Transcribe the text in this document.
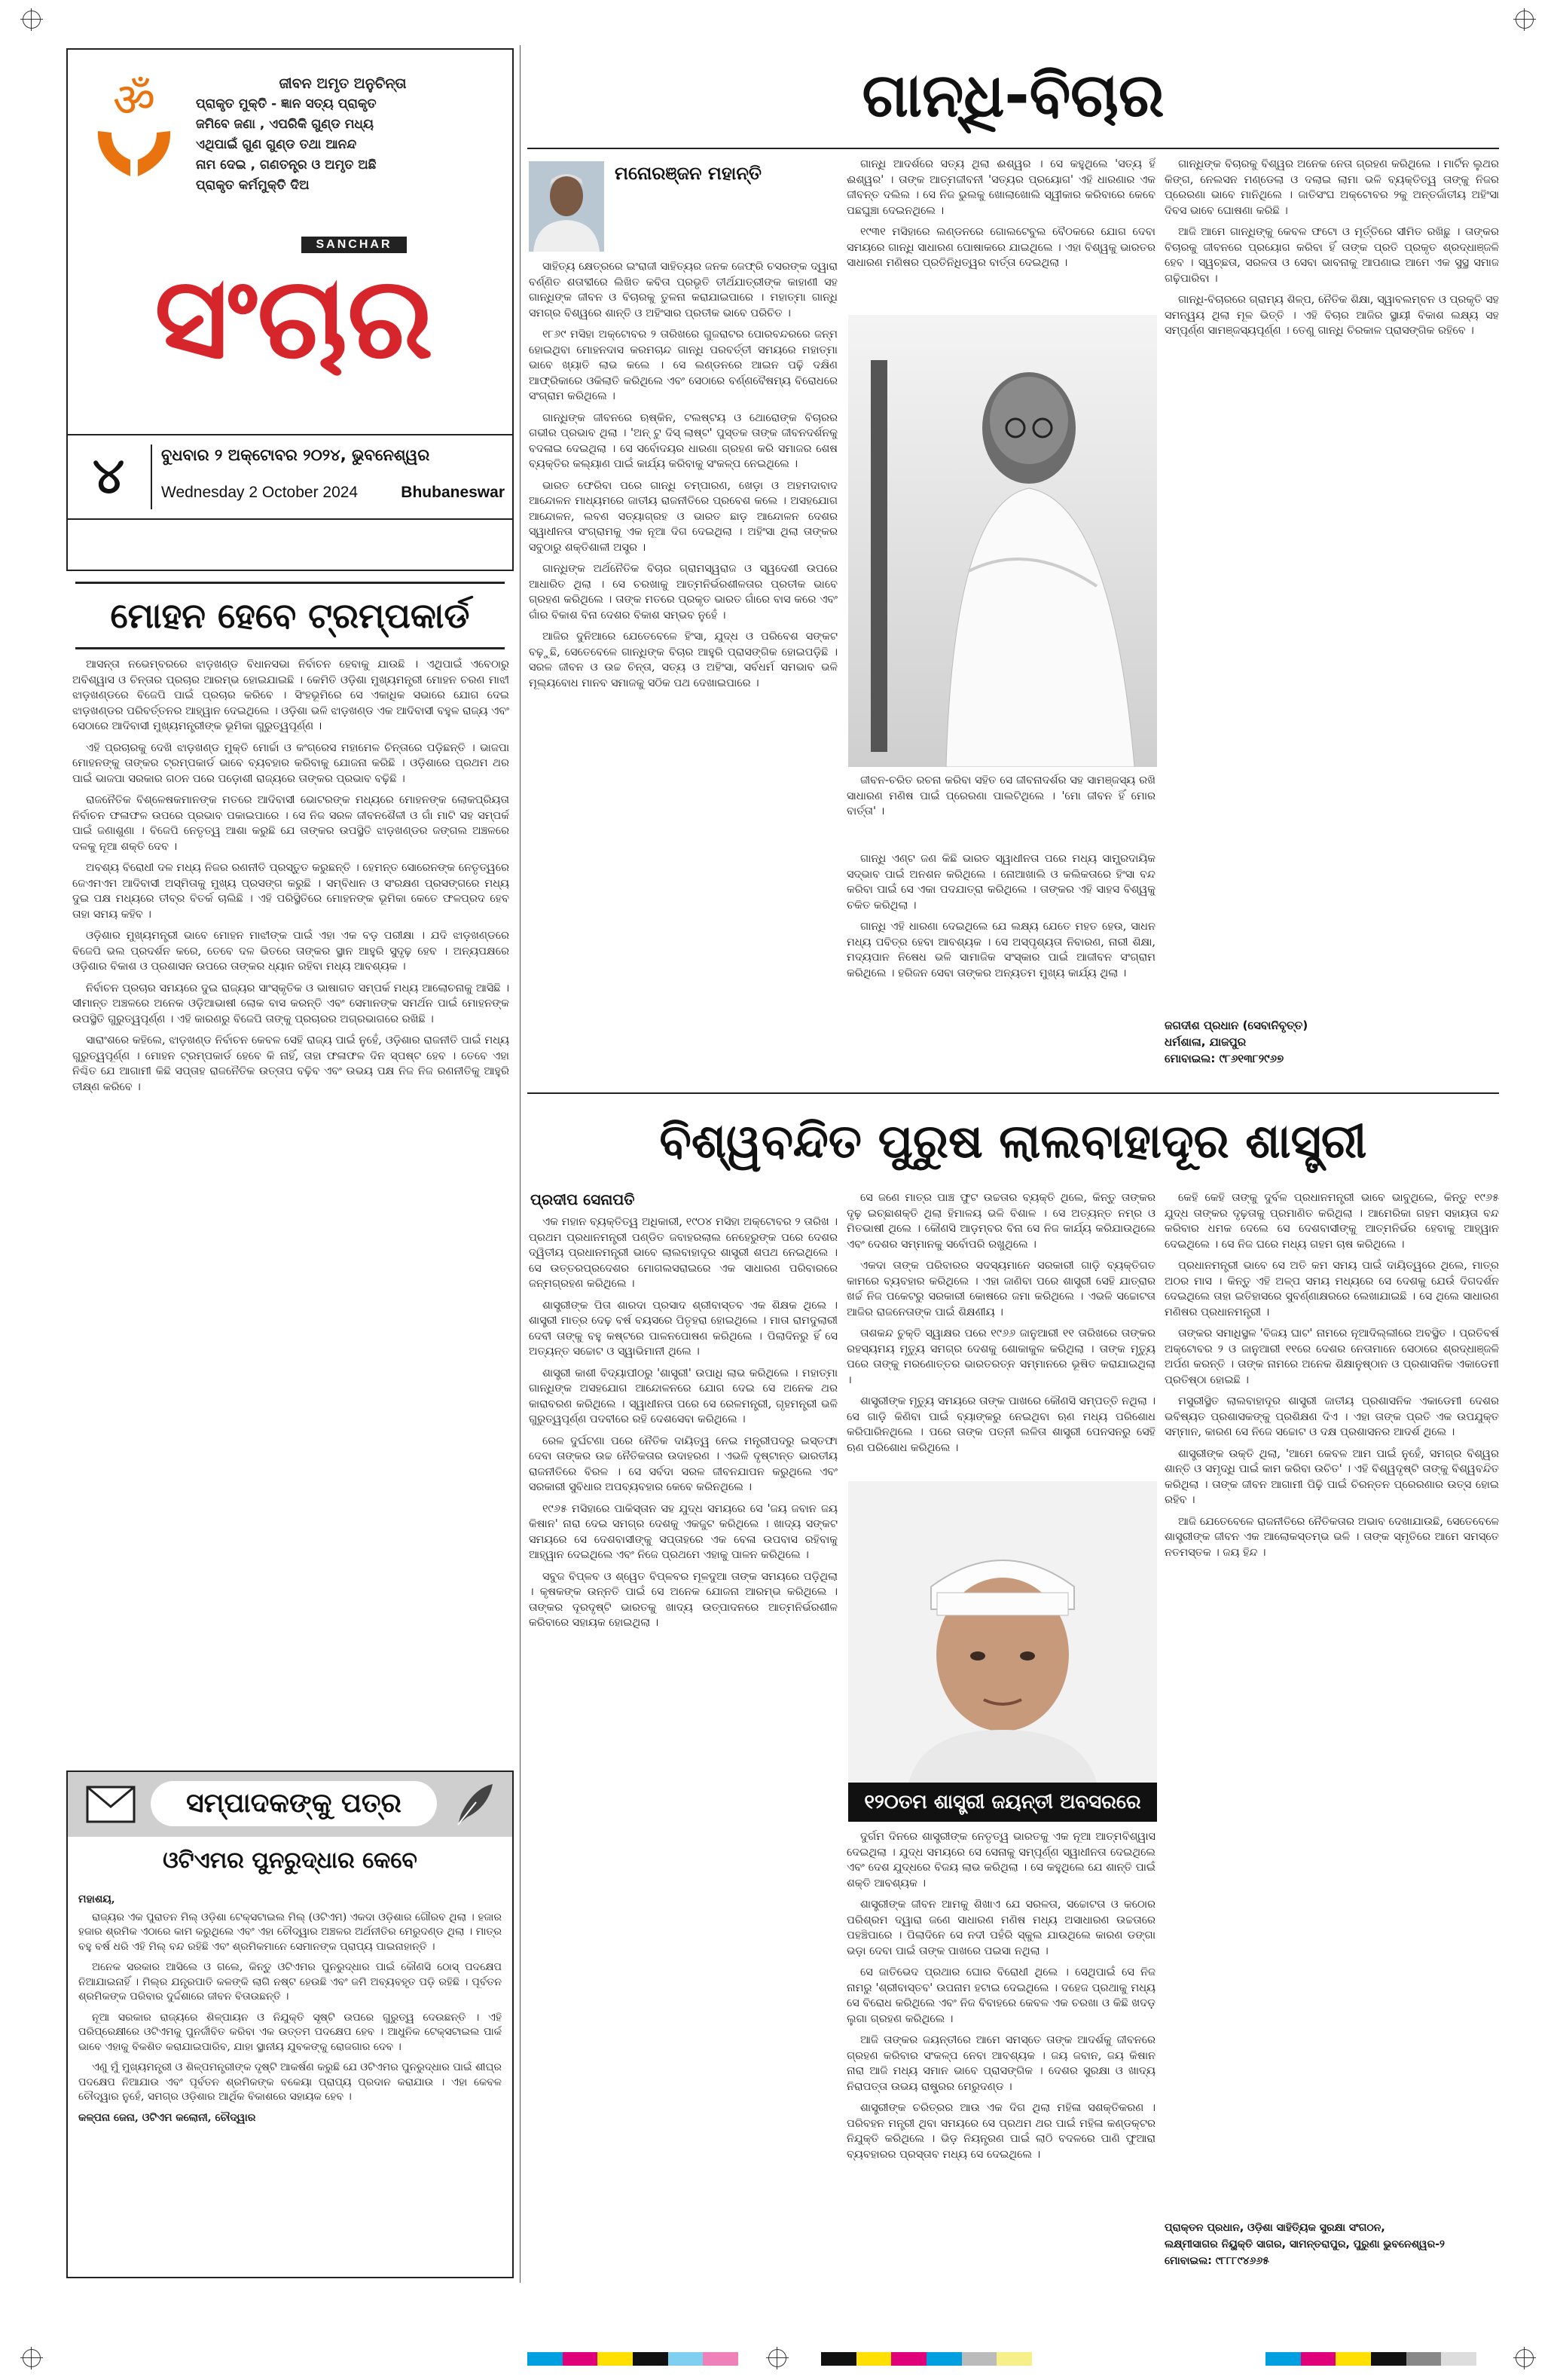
ॐ	ଜୀବନ ଅମୃତ ଅନୁଚିନ୍ତା
ପ୍ରାକୃତ ମୁକ୍ତି - ଜ୍ଞାନ ସତ୍ୟ ପ୍ରାକୃତ
ଜମିବେ ଜଣା , ଏପରିକି ଗୁଣ୍ଡ ମଧ୍ୟ
ଏଥିପାଇଁ ଗୁଣ ଗୁଣ୍ଡ ତଥା ଆନନ୍ଦ
ନାମ ଦେଇ , ଗଣତନ୍ତ୍ର ଓ ଅମୃତ ଅଛି
ପ୍ରାକୃତ କର୍ମମୁକ୍ତି ଦିଅ
SANCHAR
ସଂଚାର
୪	ବୁଧବାର ୨ ଅକ୍ଟୋବର ୨୦୨୪, ଭୁବନେଶ୍ୱର
Wednesday 2 October 2024	Bhubaneswar
ମୋହନ ହେବେ ଟ୍ରମ୍ପକାର୍ଡ

ଆସନ୍ତା ନଭେମ୍ବରରେ ଝାଡ଼ଖଣ୍ଡ ବିଧାନସଭା ନିର୍ବାଚନ ହେବାକୁ ଯାଉଛି । ଏଥିପାଇଁ ଏବେଠାରୁ ଅବିଶ୍ୱାସ ଓ ଚିନ୍ତାର ପ୍ରଚାର ଆରମ୍ଭ ହୋଇଯାଇଛି । କେମିତି ଓଡ଼ିଶା ମୁଖ୍ୟମନ୍ତ୍ରୀ ମୋହନ ଚରଣ ମାଝୀ ଝାଡ଼ଖଣ୍ଡରେ ବିଜେପି ପାଇଁ ପ୍ରଚାର କରିବେ । ସିଂହଭୂମିରେ ସେ ଏକାଧିକ ସଭାରେ ଯୋଗ ଦେଇ ଝାଡ଼ଖଣ୍ଡର ପରିବର୍ତ୍ତନର ଆହ୍ୱାନ ଦେଇଥିଲେ । ଓଡ଼ିଶା ଭଳି ଝାଡ଼ଖଣ୍ଡ ଏକ ଆଦିବାସୀ ବହୁଳ ରାଜ୍ୟ ଏବଂ ସେଠାରେ ଆଦିବାସୀ ମୁଖ୍ୟମନ୍ତ୍ରୀଙ୍କ ଭୂମିକା ଗୁରୁତ୍ୱପୂର୍ଣ୍ଣ ।

ଏହି ପ୍ରଚାରକୁ ଦେଖି ଝାଡ଼ଖଣ୍ଡ ମୁକ୍ତି ମୋର୍ଚ୍ଚା ଓ କଂଗ୍ରେସ ମହାମେଳ ଚିନ୍ତାରେ ପଡ଼ିଛନ୍ତି । ଭାଜପା ମୋହନଙ୍କୁ ତାଙ୍କର ଟ୍ରମ୍ପକାର୍ଡ ଭାବେ ବ୍ୟବହାର କରିବାକୁ ଯୋଜନା କରିଛି । ଓଡ଼ିଶାରେ ପ୍ରଥମ ଥର ପାଇଁ ଭାଜପା ସରକାର ଗଠନ ପରେ ପଡ଼ୋଶୀ ରାଜ୍ୟରେ ତାଙ୍କର ପ୍ରଭାବ ବଢ଼ିଛି ।

ରାଜନୈତିକ ବିଶ୍ଳେଷକମାନଙ୍କ ମତରେ ଆଦିବାସୀ ଭୋଟରଙ୍କ ମଧ୍ୟରେ ମୋହନଙ୍କ ଲୋକପ୍ରିୟତା ନିର୍ବାଚନ ଫଳାଫଳ ଉପରେ ପ୍ରଭାବ ପକାଇପାରେ । ସେ ନିଜ ସରଳ ଜୀବନଶୈଳୀ ଓ ଗାଁ ମାଟି ସହ ସମ୍ପର୍କ ପାଇଁ ଜଣାଶୁଣା । ବିଜେପି ନେତୃତ୍ୱ ଆଶା କରୁଛି ଯେ ତାଙ୍କର ଉପସ୍ଥିତି ଝାଡ଼ଖଣ୍ଡର ଜଙ୍ଗଲ ଅଞ୍ଚଳରେ ଦଳକୁ ନୂଆ ଶକ୍ତି ଦେବ ।

ଅବଶ୍ୟ ବିରୋଧୀ ଦଳ ମଧ୍ୟ ନିଜର ରଣନୀତି ପ୍ରସ୍ତୁତ କରୁଛନ୍ତି । ହେମନ୍ତ ସୋରେନଙ୍କ ନେତୃତ୍ୱରେ ଜେଏମଏମ ଆଦିବାସୀ ଅସ୍ମିତାକୁ ମୁଖ୍ୟ ପ୍ରସଙ୍ଗ କରୁଛି । ସମ୍ବିଧାନ ଓ ସଂରକ୍ଷଣ ପ୍ରସଙ୍ଗରେ ମଧ୍ୟ ଦୁଇ ପକ୍ଷ ମଧ୍ୟରେ ତୀବ୍ର ବିତର୍କ ଚାଲିଛି । ଏହି ପରିସ୍ଥିତିରେ ମୋହନଙ୍କ ଭୂମିକା କେତେ ଫଳପ୍ରଦ ହେବ ତାହା ସମୟ କହିବ ।

ଓଡ଼ିଶାର ମୁଖ୍ୟମନ୍ତ୍ରୀ ଭାବେ ମୋହନ ମାଝୀଙ୍କ ପାଇଁ ଏହା ଏକ ବଡ଼ ପରୀକ୍ଷା । ଯଦି ଝାଡ଼ଖଣ୍ଡରେ ବିଜେପି ଭଲ ପ୍ରଦର୍ଶନ କରେ, ତେବେ ଦଳ ଭିତରେ ତାଙ୍କର ସ୍ଥାନ ଆହୁରି ସୁଦୃଢ଼ ହେବ । ଅନ୍ୟପକ୍ଷରେ ଓଡ଼ିଶାର ବିକାଶ ଓ ପ୍ରଶାସନ ଉପରେ ତାଙ୍କର ଧ୍ୟାନ ରହିବା ମଧ୍ୟ ଆବଶ୍ୟକ ।

ନିର୍ବାଚନ ପ୍ରଚାର ସମୟରେ ଦୁଇ ରାଜ୍ୟର ସାଂସ୍କୃତିକ ଓ ଭାଷାଗତ ସମ୍ପର୍କ ମଧ୍ୟ ଆଲୋଚନାକୁ ଆସିଛି । ସୀମାନ୍ତ ଅଞ୍ଚଳରେ ଅନେକ ଓଡ଼ିଆଭାଷୀ ଲୋକ ବାସ କରନ୍ତି ଏବଂ ସେମାନଙ୍କ ସମର୍ଥନ ପାଇଁ ମୋହନଙ୍କ ଉପସ୍ଥିତି ଗୁରୁତ୍ୱପୂର୍ଣ୍ଣ । ଏହି କାରଣରୁ ବିଜେପି ତାଙ୍କୁ ପ୍ରଚାରର ଅଗ୍ରଭାଗରେ ରଖିଛି ।

ସାରାଂଶରେ କହିଲେ, ଝାଡ଼ଖଣ୍ଡ ନିର୍ବାଚନ କେବଳ ସେହି ରାଜ୍ୟ ପାଇଁ ନୁହେଁ, ଓଡ଼ିଶାର ରାଜନୀତି ପାଇଁ ମଧ୍ୟ ଗୁରୁତ୍ୱପୂର୍ଣ୍ଣ । ମୋହନ ଟ୍ରମ୍ପକାର୍ଡ ହେବେ କି ନାହିଁ, ତାହା ଫଳାଫଳ ଦିନ ସ୍ପଷ୍ଟ ହେବ । ତେବେ ଏହା ନିଶ୍ଚିତ ଯେ ଆଗାମୀ କିଛି ସପ୍ତାହ ରାଜନୈତିକ ଉତ୍ତାପ ବଢ଼ିବ ଏବଂ ଉଭୟ ପକ୍ଷ ନିଜ ନିଜ ରଣନୀତିକୁ ଆହୁରି ତୀକ୍ଷ୍ଣ କରିବେ ।

ସମ୍ପାଦକଙ୍କୁ ପତ୍ର
ଓଟିଏମର ପୁନରୁଦ୍ଧାର କେବେ
ମହାଶୟ,

ରାଜ୍ୟର ଏକ ପୁରାତନ ମିଲ୍ ଓଡ଼ିଶା ଟେକ୍ସଟାଇଲ ମିଲ୍ (ଓଟିଏମ) ଏକଦା ଓଡ଼ିଶାର ଗୌରବ ଥିଲା । ହଜାର ହଜାର ଶ୍ରମିକ ଏଠାରେ କାମ କରୁଥିଲେ ଏବଂ ଏହା ଚୌଦ୍ୱାର ଅଞ୍ଚଳର ଅର୍ଥନୀତିର ମେରୁଦଣ୍ଡ ଥିଲା । ମାତ୍ର ବହୁ ବର୍ଷ ଧରି ଏହି ମିଲ୍ ବନ୍ଦ ରହିଛି ଏବଂ ଶ୍ରମିକମାନେ ସେମାନଙ୍କ ପ୍ରାପ୍ୟ ପାଇନାହାନ୍ତି ।

ଅନେକ ସରକାର ଆସିଲେ ଓ ଗଲେ, କିନ୍ତୁ ଓଟିଏମର ପୁନରୁଦ୍ଧାର ପାଇଁ କୌଣସି ଠୋସ୍ ପଦକ୍ଷେପ ନିଆଯାଇନାହିଁ । ମିଲ୍ର ଯନ୍ତ୍ରପାତି କଳଙ୍କି ଲାଗି ନଷ୍ଟ ହେଉଛି ଏବଂ ଜମି ଅବ୍ୟବହୃତ ପଡ଼ି ରହିଛି । ପୂର୍ବତନ ଶ୍ରମିକଙ୍କ ପରିବାର ଦୁର୍ଦ୍ଦଶାରେ ଜୀବନ ବିତାଉଛନ୍ତି ।

ନୂଆ ସରକାର ରାଜ୍ୟରେ ଶିଳ୍ପାୟନ ଓ ନିଯୁକ୍ତି ସୃଷ୍ଟି ଉପରେ ଗୁରୁତ୍ୱ ଦେଉଛନ୍ତି । ଏହି ପରିପ୍ରେକ୍ଷୀରେ ଓଟିଏମକୁ ପୁନର୍ଜୀବିତ କରିବା ଏକ ଉତ୍ତମ ପଦକ୍ଷେପ ହେବ । ଆଧୁନିକ ଟେକ୍ସଟାଇଲ ପାର୍କ ଭାବେ ଏହାକୁ ବିକଶିତ କରାଯାଇପାରିବ, ଯାହା ସ୍ଥାନୀୟ ଯୁବକଙ୍କୁ ରୋଜଗାର ଦେବ ।

ଏଣୁ ମୁଁ ମୁଖ୍ୟମନ୍ତ୍ରୀ ଓ ଶିଳ୍ପମନ୍ତ୍ରୀଙ୍କ ଦୃଷ୍ଟି ଆକର୍ଷଣ କରୁଛି ଯେ ଓଟିଏମର ପୁନରୁଦ୍ଧାର ପାଇଁ ଶୀଘ୍ର ପଦକ୍ଷେପ ନିଆଯାଉ ଏବଂ ପୂର୍ବତନ ଶ୍ରମିକଙ୍କ ବକେୟା ପ୍ରାପ୍ୟ ପ୍ରଦାନ କରାଯାଉ । ଏହା କେବଳ ଚୌଦ୍ୱାର ନୁହେଁ, ସମଗ୍ର ଓଡ଼ିଶାର ଆର୍ଥିକ ବିକାଶରେ ସହାୟକ ହେବ ।

କଳ୍ପନା ଜେନା, ଓଟିଏମ କଲୋନୀ, ଚୌଦ୍ୱାର
ଗାନ୍ଧି-ବିଚାର
ମନୋରଞ୍ଜନ ମହାନ୍ତି

ସାହିତ୍ୟ କ୍ଷେତ୍ରରେ ଇଂରାଜୀ ସାହିତ୍ୟର ଜନକ ଜେଫ୍ରି ଚସରଙ୍କ ଦ୍ୱାରା ବର୍ଣ୍ଣିତ ଶତାବ୍ଦୀରେ ଲିଖିତ କବିତା ପ୍ରଭୃତି ତୀର୍ଥଯାତ୍ରୀଙ୍କ କାହାଣୀ ସହ ଗାନ୍ଧିଙ୍କ ଜୀବନ ଓ ବିଚାରକୁ ତୁଳନା କରାଯାଇପାରେ । ମହାତ୍ମା ଗାନ୍ଧି ସମଗ୍ର ବିଶ୍ୱରେ ଶାନ୍ତି ଓ ଅହିଂସାର ପ୍ରତୀକ ଭାବେ ପରିଚିତ ।

୧୮୬୯ ମସିହା ଅକ୍ଟୋବର ୨ ତାରିଖରେ ଗୁଜରାଟର ପୋରବନ୍ଦରରେ ଜନ୍ମ ହୋଇଥିବା ମୋହନଦାସ କରମଚାନ୍ଦ ଗାନ୍ଧି ପରବର୍ତ୍ତୀ ସମୟରେ ମହାତ୍ମା ଭାବେ ଖ୍ୟାତି ଲାଭ କଲେ । ସେ ଲଣ୍ଡନରେ ଆଇନ ପଢ଼ି ଦକ୍ଷିଣ ଆଫ୍ରିକାରେ ଓକିଲାତି କରିଥିଲେ ଏବଂ ସେଠାରେ ବର୍ଣ୍ଣବୈଷମ୍ୟ ବିରୋଧରେ ସଂଗ୍ରାମ କରିଥିଲେ ।

ଗାନ୍ଧିଙ୍କ ଜୀବନରେ ଋଷ୍କିନ, ଟଲଷ୍ଟୟ ଓ ଥୋରୋଙ୍କ ବିଚାରର ଗଭୀର ପ୍ରଭାବ ଥିଲା । 'ଅନ୍ ଟୁ ଦିସ୍ ଲାଷ୍ଟ' ପୁସ୍ତକ ତାଙ୍କ ଜୀବନଦର୍ଶନକୁ ବଦଳାଇ ଦେଇଥିଲା । ସେ ସର୍ବୋଦୟର ଧାରଣା ଗ୍ରହଣ କରି ସମାଜର ଶେଷ ବ୍ୟକ୍ତିର କଲ୍ୟାଣ ପାଇଁ କାର୍ଯ୍ୟ କରିବାକୁ ସଂକଳ୍ପ ନେଇଥିଲେ ।

ଭାରତ ଫେରିବା ପରେ ଗାନ୍ଧି ଚମ୍ପାରଣ, ଖେଡ଼ା ଓ ଅହମଦାବାଦ ଆନ୍ଦୋଳନ ମାଧ୍ୟମରେ ଜାତୀୟ ରାଜନୀତିରେ ପ୍ରବେଶ କଲେ । ଅସହଯୋଗ ଆନ୍ଦୋଳନ, ଲବଣ ସତ୍ୟାଗ୍ରହ ଓ ଭାରତ ଛାଡ଼ ଆନ୍ଦୋଳନ ଦେଶର ସ୍ୱାଧୀନତା ସଂଗ୍ରାମକୁ ଏକ ନୂଆ ଦିଗ ଦେଇଥିଲା । ଅହିଂସା ଥିଲା ତାଙ୍କର ସବୁଠାରୁ ଶକ୍ତିଶାଳୀ ଅସ୍ତ୍ର ।

ଗାନ୍ଧିଙ୍କ ଅର୍ଥନୈତିକ ବିଚାର ଗ୍ରାମସ୍ୱରାଜ ଓ ସ୍ୱଦେଶୀ ଉପରେ ଆଧାରିତ ଥିଲା । ସେ ଚରଖାକୁ ଆତ୍ମନିର୍ଭରଶୀଳତାର ପ୍ରତୀକ ଭାବେ ଗ୍ରହଣ କରିଥିଲେ । ତାଙ୍କ ମତରେ ପ୍ରକୃତ ଭାରତ ଗାଁରେ ବାସ କରେ ଏବଂ ଗାଁର ବିକାଶ ବିନା ଦେଶର ବିକାଶ ସମ୍ଭବ ନୁହେଁ ।

ଆଜିର ଦୁନିଆରେ ଯେତେବେଳେ ହିଂସା, ଯୁଦ୍ଧ ଓ ପରିବେଶ ସଙ୍କଟ ବଢ଼ୁଛି, ସେତେବେଳେ ଗାନ୍ଧିଙ୍କ ବିଚାର ଆହୁରି ପ୍ରାସଙ୍ଗିକ ହୋଇପଡ଼ିଛି । ସରଳ ଜୀବନ ଓ ଉଚ୍ଚ ଚିନ୍ତା, ସତ୍ୟ ଓ ଅହିଂସା, ସର୍ବଧର୍ମ ସମଭାବ ଭଳି ମୂଲ୍ୟବୋଧ ମାନବ ସମାଜକୁ ସଠିକ ପଥ ଦେଖାଇପାରେ ।

ଗାନ୍ଧି ଆଦର୍ଶରେ ସତ୍ୟ ଥିଲା ଈଶ୍ୱର । ସେ କହୁଥିଲେ 'ସତ୍ୟ ହିଁ ଈଶ୍ୱର' । ତାଙ୍କ ଆତ୍ମଜୀବନୀ 'ସତ୍ୟର ପ୍ରୟୋଗ' ଏହି ଧାରଣାର ଏକ ଜୀବନ୍ତ ଦଲିଲ । ସେ ନିଜ ଭୁଲକୁ ଖୋଲାଖୋଲି ସ୍ୱୀକାର କରିବାରେ କେବେ ପଛଘୁଞ୍ଚା ଦେଇନଥିଲେ ।

୧୯୩୧ ମସିହାରେ ଲଣ୍ଡନରେ ଗୋଲଟେବୁଲ ବୈଠକରେ ଯୋଗ ଦେବା ସମୟରେ ଗାନ୍ଧି ସାଧାରଣ ପୋଷାକରେ ଯାଇଥିଲେ । ଏହା ବିଶ୍ୱକୁ ଭାରତର ସାଧାରଣ ମଣିଷର ପ୍ରତିନିଧିତ୍ୱର ବାର୍ତ୍ତା ଦେଇଥିଲା ।

ଜୀବନ-ଚରିତ ରଚନା କରିବା ସହିତ ସେ ଜୀବନାଦର୍ଶର ସହ ସାମଞ୍ଜସ୍ୟ ରଖି ସାଧାରଣ ମଣିଷ ପାଇଁ ପ୍ରେରଣା ପାଲଟିଥିଲେ । 'ମୋ ଜୀବନ ହିଁ ମୋର ବାର୍ତ୍ତା' ।

ଗାନ୍ଧି ଏଣ୍ଟ ଜଣ କିଛି ଭାରତ ସ୍ୱାଧୀନତା ପରେ ମଧ୍ୟ ସାମ୍ପ୍ରଦାୟିକ ସଦ୍ଭାବ ପାଇଁ ଅନଶନ କରିଥିଲେ । ନୋଆଖାଲି ଓ କଲିକତାରେ ହିଂସା ବନ୍ଦ କରିବା ପାଇଁ ସେ ଏକା ପଦଯାତ୍ରା କରିଥିଲେ । ତାଙ୍କର ଏହି ସାହସ ବିଶ୍ୱକୁ ଚକିତ କରିଥିଲା ।

ଗାନ୍ଧି ଏହି ଧାରଣା ଦେଇଥିଲେ ଯେ ଲକ୍ଷ୍ୟ ଯେତେ ମହତ ହେଉ, ସାଧନ ମଧ୍ୟ ପବିତ୍ର ହେବା ଆବଶ୍ୟକ । ସେ ଅସ୍ପୃଶ୍ୟତା ନିବାରଣ, ନାରୀ ଶିକ୍ଷା, ମଦ୍ୟପାନ ନିଷେଧ ଭଳି ସାମାଜିକ ସଂସ୍କାର ପାଇଁ ଆଜୀବନ ସଂଗ୍ରାମ କରିଥିଲେ । ହରିଜନ ସେବା ତାଙ୍କର ଅନ୍ୟତମ ମୁଖ୍ୟ କାର୍ଯ୍ୟ ଥିଲା ।

ଗାନ୍ଧିଙ୍କ ବିଚାରକୁ ବିଶ୍ୱର ଅନେକ ନେତା ଗ୍ରହଣ କରିଥିଲେ । ମାର୍ଟିନ ଲୁଥର କିଙ୍ଗ, ନେଲସନ ମଣ୍ଡେଲା ଓ ଦଲାଇ ଲାମା ଭଳି ବ୍ୟକ୍ତିତ୍ୱ ତାଙ୍କୁ ନିଜର ପ୍ରେରଣା ଭାବେ ମାନିଥିଲେ । ଜାତିସଂଘ ଅକ୍ଟୋବର ୨କୁ ଅନ୍ତର୍ଜାତୀୟ ଅହିଂସା ଦିବସ ଭାବେ ଘୋଷଣା କରିଛି ।

ଆଜି ଆମେ ଗାନ୍ଧିଙ୍କୁ କେବଳ ଫଟୋ ଓ ମୂର୍ତ୍ତିରେ ସୀମିତ ରଖିଛୁ । ତାଙ୍କର ବିଚାରକୁ ଜୀବନରେ ପ୍ରୟୋଗ କରିବା ହିଁ ତାଙ୍କ ପ୍ରତି ପ୍ରକୃତ ଶ୍ରଦ୍ଧାଞ୍ଜଳି ହେବ । ସ୍ୱଚ୍ଛତା, ସରଳତା ଓ ସେବା ଭାବନାକୁ ଆପଣାଇ ଆମେ ଏକ ସୁସ୍ଥ ସମାଜ ଗଢ଼ିପାରିବା ।

ଗାନ୍ଧି-ବିଚାରରେ ଗ୍ରାମ୍ୟ ଶିଳ୍ପ, ନୈତିକ ଶିକ୍ଷା, ସ୍ୱାବଲମ୍ବନ ଓ ପ୍ରକୃତି ସହ ସମନ୍ୱୟ ଥିଲା ମୂଳ ଭିତ୍ତି । ଏହି ବିଚାର ଆଜିର ସ୍ଥାୟୀ ବିକାଶ ଲକ୍ଷ୍ୟ ସହ ସମ୍ପୂର୍ଣ୍ଣ ସାମଞ୍ଜସ୍ୟପୂର୍ଣ୍ଣ । ତେଣୁ ଗାନ୍ଧି ଚିରକାଳ ପ୍ରାସଙ୍ଗିକ ରହିବେ ।

ଜଗଦୀଶ ପ୍ରଧାନ (ସେବାନିବୃତ୍ତ)
ଧର୍ମଶାଳା, ଯାଜପୁର
ମୋବାଇଲ: ୯୮୬୧୩୮୨୯୬୭
ବିଶ୍ୱବନ୍ଦିତ ପୁରୁଷ ଲାଲବାହାଦୂର ଶାସ୍ତ୍ରୀ
ପ୍ରଦୀପ ସେନାପତି

ଏକ ମହାନ ବ୍ୟକ୍ତିତ୍ୱ ଅଧିକାରୀ, ୧୯୦୪ ମସିହା ଅକ୍ଟୋବର ୨ ତାରିଖ । ପ୍ରଥମ ପ୍ରଧାନମନ୍ତ୍ରୀ ପଣ୍ଡିତ ଜବାହରଲାଲ ନେହେରୁଙ୍କ ପରେ ଦେଶର ଦ୍ୱିତୀୟ ପ୍ରଧାନମନ୍ତ୍ରୀ ଭାବେ ଲାଲବାହାଦୂର ଶାସ୍ତ୍ରୀ ଶପଥ ନେଇଥିଲେ । ସେ ଉତ୍ତରପ୍ରଦେଶର ମୋଗଲସରାଇରେ ଏକ ସାଧାରଣ ପରିବାରରେ ଜନ୍ମଗ୍ରହଣ କରିଥିଲେ ।

ଶାସ୍ତ୍ରୀଙ୍କ ପିତା ଶାରଦା ପ୍ରସାଦ ଶ୍ରୀବାସ୍ତବ ଏକ ଶିକ୍ଷକ ଥିଲେ । ଶାସ୍ତ୍ରୀ ମାତ୍ର ଦେଢ଼ ବର୍ଷ ବୟସରେ ପିତୃହରା ହୋଇଥିଲେ । ମାତା ରାମଦୁଲାରୀ ଦେବୀ ତାଙ୍କୁ ବହୁ କଷ୍ଟରେ ପାଳନପୋଷଣ କରିଥିଲେ । ପିଲାଦିନରୁ ହିଁ ସେ ଅତ୍ୟନ୍ତ ସଚ୍ଚୋଟ ଓ ସ୍ୱାଭିମାନୀ ଥିଲେ ।

ଶାସ୍ତ୍ରୀ କାଶୀ ବିଦ୍ୟାପୀଠରୁ 'ଶାସ୍ତ୍ରୀ' ଉପାଧି ଲାଭ କରିଥିଲେ । ମହାତ୍ମା ଗାନ୍ଧିଙ୍କ ଅସହଯୋଗ ଆନ୍ଦୋଳନରେ ଯୋଗ ଦେଇ ସେ ଅନେକ ଥର କାରାବରଣ କରିଥିଲେ । ସ୍ୱାଧୀନତା ପରେ ସେ ରେଳମନ୍ତ୍ରୀ, ଗୃହମନ୍ତ୍ରୀ ଭଳି ଗୁରୁତ୍ୱପୂର୍ଣ୍ଣ ପଦବୀରେ ରହି ଦେଶସେବା କରିଥିଲେ ।

ରେଳ ଦୁର୍ଘଟଣା ପରେ ନୈତିକ ଦାୟିତ୍ୱ ନେଇ ମନ୍ତ୍ରୀପଦରୁ ଇସ୍ତଫା ଦେବା ତାଙ୍କର ଉଚ୍ଚ ନୈତିକତାର ଉଦାହରଣ । ଏଭଳି ଦୃଷ୍ଟାନ୍ତ ଭାରତୀୟ ରାଜନୀତିରେ ବିରଳ । ସେ ସର୍ବଦା ସରଳ ଜୀବନଯାପନ କରୁଥିଲେ ଏବଂ ସରକାରୀ ସୁବିଧାର ଅପବ୍ୟବହାର କେବେ କରିନଥିଲେ ।

୧୯୬୫ ମସିହାରେ ପାକିସ୍ତାନ ସହ ଯୁଦ୍ଧ ସମୟରେ ସେ 'ଜୟ ଜବାନ ଜୟ କିଷାନ' ନାରା ଦେଇ ସମଗ୍ର ଦେଶକୁ ଏକଜୁଟ କରିଥିଲେ । ଖାଦ୍ୟ ସଙ୍କଟ ସମୟରେ ସେ ଦେଶବାସୀଙ୍କୁ ସପ୍ତାହରେ ଏକ ବେଳା ଉପବାସ ରହିବାକୁ ଆହ୍ୱାନ ଦେଇଥିଲେ ଏବଂ ନିଜେ ପ୍ରଥମେ ଏହାକୁ ପାଳନ କରିଥିଲେ ।

ସବୁଜ ବିପ୍ଳବ ଓ ଶ୍ୱେତ ବିପ୍ଳବର ମୂଳଦୁଆ ତାଙ୍କ ସମୟରେ ପଡ଼ିଥିଲା । କୃଷକଙ୍କ ଉନ୍ନତି ପାଇଁ ସେ ଅନେକ ଯୋଜନା ଆରମ୍ଭ କରିଥିଲେ । ତାଙ୍କର ଦୂରଦୃଷ୍ଟି ଭାରତକୁ ଖାଦ୍ୟ ଉତ୍ପାଦନରେ ଆତ୍ମନିର୍ଭରଶୀଳ କରିବାରେ ସହାୟକ ହୋଇଥିଲା ।

ସେ ଜଣେ ମାତ୍ର ପାଞ୍ଚ ଫୁଟ ଉଚ୍ଚତାର ବ୍ୟକ୍ତି ଥିଲେ, କିନ୍ତୁ ତାଙ୍କର ଦୃଢ଼ ଇଚ୍ଛାଶକ୍ତି ଥିଲା ହିମାଳୟ ଭଳି ବିଶାଳ । ସେ ଅତ୍ୟନ୍ତ ନମ୍ର ଓ ମିତଭାଷୀ ଥିଲେ । କୌଣସି ଆଡ଼ମ୍ବର ବିନା ସେ ନିଜ କାର୍ଯ୍ୟ କରିଯାଉଥିଲେ ଏବଂ ଦେଶର ସମ୍ମାନକୁ ସର୍ବୋପରି ରଖୁଥିଲେ ।

ଏକଦା ତାଙ୍କ ପରିବାରର ସଦସ୍ୟମାନେ ସରକାରୀ ଗାଡ଼ି ବ୍ୟକ୍ତିଗତ କାମରେ ବ୍ୟବହାର କରିଥିଲେ । ଏହା ଜାଣିବା ପରେ ଶାସ୍ତ୍ରୀ ସେହି ଯାତ୍ରାର ଖର୍ଚ୍ଚ ନିଜ ପକେଟରୁ ସରକାରୀ କୋଷରେ ଜମା କରିଥିଲେ । ଏଭଳି ସଚ୍ଚୋଟତା ଆଜିର ରାଜନେତାଙ୍କ ପାଇଁ ଶିକ୍ଷଣୀୟ ।

ତାଶକନ୍ଦ ଚୁକ୍ତି ସ୍ୱାକ୍ଷର ପରେ ୧୯୬୬ ଜାନୁଆରୀ ୧୧ ତାରିଖରେ ତାଙ୍କର ରହସ୍ୟମୟ ମୃତ୍ୟୁ ସମଗ୍ର ଦେଶକୁ ଶୋକାକୁଳ କରିଥିଲା । ତାଙ୍କ ମୃତ୍ୟୁ ପରେ ତାଙ୍କୁ ମରଣୋତ୍ତର ଭାରତରତ୍ନ ସମ୍ମାନରେ ଭୂଷିତ କରାଯାଇଥିଲା ।

ଶାସ୍ତ୍ରୀଙ୍କ ମୃତ୍ୟୁ ସମୟରେ ତାଙ୍କ ପାଖରେ କୌଣସି ସମ୍ପତ୍ତି ନଥିଲା । ସେ ଗାଡ଼ି କିଣିବା ପାଇଁ ବ୍ୟାଙ୍କରୁ ନେଇଥିବା ଋଣ ମଧ୍ୟ ପରିଶୋଧ କରିପାରିନଥିଲେ । ପରେ ତାଙ୍କ ପତ୍ନୀ ଲଳିତା ଶାସ୍ତ୍ରୀ ପେନସନରୁ ସେହି ଋଣ ପରିଶୋଧ କରିଥିଲେ ।

୧୨୦ତମ ଶାସ୍ତ୍ରୀ ଜୟନ୍ତୀ ଅବସରରେ

ଦୁର୍ଗମ ଦିନରେ ଶାସ୍ତ୍ରୀଙ୍କ ନେତୃତ୍ୱ ଭାରତକୁ ଏକ ନୂଆ ଆତ୍ମବିଶ୍ୱାସ ଦେଇଥିଲା । ଯୁଦ୍ଧ ସମୟରେ ସେ ସେନାକୁ ସମ୍ପୂର୍ଣ୍ଣ ସ୍ୱାଧୀନତା ଦେଇଥିଲେ ଏବଂ ଦେଶ ଯୁଦ୍ଧରେ ବିଜୟ ଲାଭ କରିଥିଲା । ସେ କହୁଥିଲେ ଯେ ଶାନ୍ତି ପାଇଁ ଶକ୍ତି ଆବଶ୍ୟକ ।

ଶାସ୍ତ୍ରୀଙ୍କ ଜୀବନ ଆମକୁ ଶିଖାଏ ଯେ ସରଳତା, ସଚ୍ଚୋଟତା ଓ କଠୋର ପରିଶ୍ରମ ଦ୍ୱାରା ଜଣେ ସାଧାରଣ ମଣିଷ ମଧ୍ୟ ଅସାଧାରଣ ଉଚ୍ଚତାରେ ପହଞ୍ଚିପାରେ । ପିଲାଦିନେ ସେ ନଦୀ ପହଁରି ସ୍କୁଲ ଯାଉଥିଲେ କାରଣ ଡଙ୍ଗା ଭଡ଼ା ଦେବା ପାଇଁ ତାଙ୍କ ପାଖରେ ପଇସା ନଥିଲା ।

ସେ ଜାତିଭେଦ ପ୍ରଥାର ଘୋର ବିରୋଧୀ ଥିଲେ । ସେଥିପାଇଁ ସେ ନିଜ ନାମରୁ 'ଶ୍ରୀବାସ୍ତବ' ଉପନାମ ହଟାଇ ଦେଇଥିଲେ । ଦହେଜ ପ୍ରଥାକୁ ମଧ୍ୟ ସେ ବିରୋଧ କରିଥିଲେ ଏବଂ ନିଜ ବିବାହରେ କେବଳ ଏକ ଚରଖା ଓ କିଛି ଖଦଡ଼ ଲୁଗା ଗ୍ରହଣ କରିଥିଲେ ।

ଆଜି ତାଙ୍କର ଜୟନ୍ତୀରେ ଆମେ ସମସ୍ତେ ତାଙ୍କ ଆଦର୍ଶକୁ ଜୀବନରେ ଗ୍ରହଣ କରିବାର ସଂକଳ୍ପ ନେବା ଆବଶ୍ୟକ । ଜୟ ଜବାନ, ଜୟ କିଷାନ ନାରା ଆଜି ମଧ୍ୟ ସମାନ ଭାବେ ପ୍ରାସଙ୍ଗିକ । ଦେଶର ସୁରକ୍ଷା ଓ ଖାଦ୍ୟ ନିରାପତ୍ତା ଉଭୟ ରାଷ୍ଟ୍ରର ମେରୁଦଣ୍ଡ ।

ଶାସ୍ତ୍ରୀଙ୍କ ଚରିତ୍ରର ଆଉ ଏକ ଦିଗ ଥିଲା ମହିଳା ସଶକ୍ତିକରଣ । ପରିବହନ ମନ୍ତ୍ରୀ ଥିବା ସମୟରେ ସେ ପ୍ରଥମ ଥର ପାଇଁ ମହିଳା କଣ୍ଡକ୍ଟର ନିଯୁକ୍ତି କରିଥିଲେ । ଭିଡ଼ ନିୟନ୍ତ୍ରଣ ପାଇଁ ଲାଠି ବଦଳରେ ପାଣି ଫୁଆରା ବ୍ୟବହାରର ପ୍ରସ୍ତାବ ମଧ୍ୟ ସେ ଦେଇଥିଲେ ।

କେହି କେହି ତାଙ୍କୁ ଦୁର୍ବଳ ପ୍ରଧାନମନ୍ତ୍ରୀ ଭାବେ ଭାବୁଥିଲେ, କିନ୍ତୁ ୧୯୬୫ ଯୁଦ୍ଧ ତାଙ୍କର ଦୃଢ଼ତାକୁ ପ୍ରମାଣିତ କରିଥିଲା । ଆମେରିକା ଗହମ ସହାୟତା ବନ୍ଦ କରିବାର ଧମକ ଦେଲେ ସେ ଦେଶବାସୀଙ୍କୁ ଆତ୍ମନିର୍ଭର ହେବାକୁ ଆହ୍ୱାନ ଦେଇଥିଲେ । ସେ ନିଜ ଘରେ ମଧ୍ୟ ଗହମ ଚାଷ କରିଥିଲେ ।

ପ୍ରଧାନମନ୍ତ୍ରୀ ଭାବେ ସେ ଅତି କମ ସମୟ ପାଇଁ ଦାୟିତ୍ୱରେ ଥିଲେ, ମାତ୍ର ଅଠର ମାସ । କିନ୍ତୁ ଏହି ଅଳ୍ପ ସମୟ ମଧ୍ୟରେ ସେ ଦେଶକୁ ଯେଉଁ ଦିଗଦର୍ଶନ ଦେଇଥିଲେ ତାହା ଇତିହାସରେ ସୁବର୍ଣ୍ଣାକ୍ଷରରେ ଲେଖାଯାଇଛି । ସେ ଥିଲେ ସାଧାରଣ ମଣିଷର ପ୍ରଧାନମନ୍ତ୍ରୀ ।

ତାଙ୍କର ସମାଧିସ୍ଥଳ 'ବିଜୟ ଘାଟ' ନାମରେ ନୂଆଦିଲ୍ଲୀରେ ଅବସ୍ଥିତ । ପ୍ରତିବର୍ଷ ଅକ୍ଟୋବର ୨ ଓ ଜାନୁଆରୀ ୧୧ରେ ଦେଶର ନେତାମାନେ ସେଠାରେ ଶ୍ରଦ୍ଧାଞ୍ଜଳି ଅର୍ପଣ କରନ୍ତି । ତାଙ୍କ ନାମରେ ଅନେକ ଶିକ୍ଷାନୁଷ୍ଠାନ ଓ ପ୍ରଶାସନିକ ଏକାଡେମୀ ପ୍ରତିଷ୍ଠା ହୋଇଛି ।

ମସୁରୀସ୍ଥିତ ଲାଲବାହାଦୂର ଶାସ୍ତ୍ରୀ ଜାତୀୟ ପ୍ରଶାସନିକ ଏକାଡେମୀ ଦେଶର ଭବିଷ୍ୟତ ପ୍ରଶାସକଙ୍କୁ ପ୍ରଶିକ୍ଷଣ ଦିଏ । ଏହା ତାଙ୍କ ପ୍ରତି ଏକ ଉପଯୁକ୍ତ ସମ୍ମାନ, କାରଣ ସେ ନିଜେ ସଚ୍ଚୋଟ ଓ ଦକ୍ଷ ପ୍ରଶାସନର ଆଦର୍ଶ ଥିଲେ ।

ଶାସ୍ତ୍ରୀଙ୍କ ଉକ୍ତି ଥିଲା, 'ଆମେ କେବଳ ଆମ ପାଇଁ ନୁହେଁ, ସମଗ୍ର ବିଶ୍ୱର ଶାନ୍ତି ଓ ସମୃଦ୍ଧି ପାଇଁ କାମ କରିବା ଉଚିତ' । ଏହି ବିଶ୍ୱଦୃଷ୍ଟି ତାଙ୍କୁ ବିଶ୍ୱବନ୍ଦିତ କରିଥିଲା । ତାଙ୍କ ଜୀବନ ଆଗାମୀ ପିଢ଼ି ପାଇଁ ଚିରନ୍ତନ ପ୍ରେରଣାର ଉତ୍ସ ହୋଇ ରହିବ ।

ଆଜି ଯେତେବେଳେ ରାଜନୀତିରେ ନୈତିକତାର ଅଭାବ ଦେଖାଯାଉଛି, ସେତେବେଳେ ଶାସ୍ତ୍ରୀଙ୍କ ଜୀବନ ଏକ ଆଲୋକସ୍ତମ୍ଭ ଭଳି । ତାଙ୍କ ସ୍ମୃତିରେ ଆମେ ସମସ୍ତେ ନତମସ୍ତକ । ଜୟ ହିନ୍ଦ ।

ପ୍ରାକ୍ତନ ପ୍ରଧାନ, ଓଡ଼ିଶା ସାହିତ୍ୟିକ ସୁରକ୍ଷା ସଂଗଠନ,
ଲକ୍ଷ୍ମୀସାଗର ନିୟୁକ୍ତି ସାଗର, ସାମନ୍ତରାପୁର, ପୁରୁଣା ଭୁବନେଶ୍ୱର-୨
ମୋବାଇଲ: ୯୮୮୮୯୪୬୬୫
